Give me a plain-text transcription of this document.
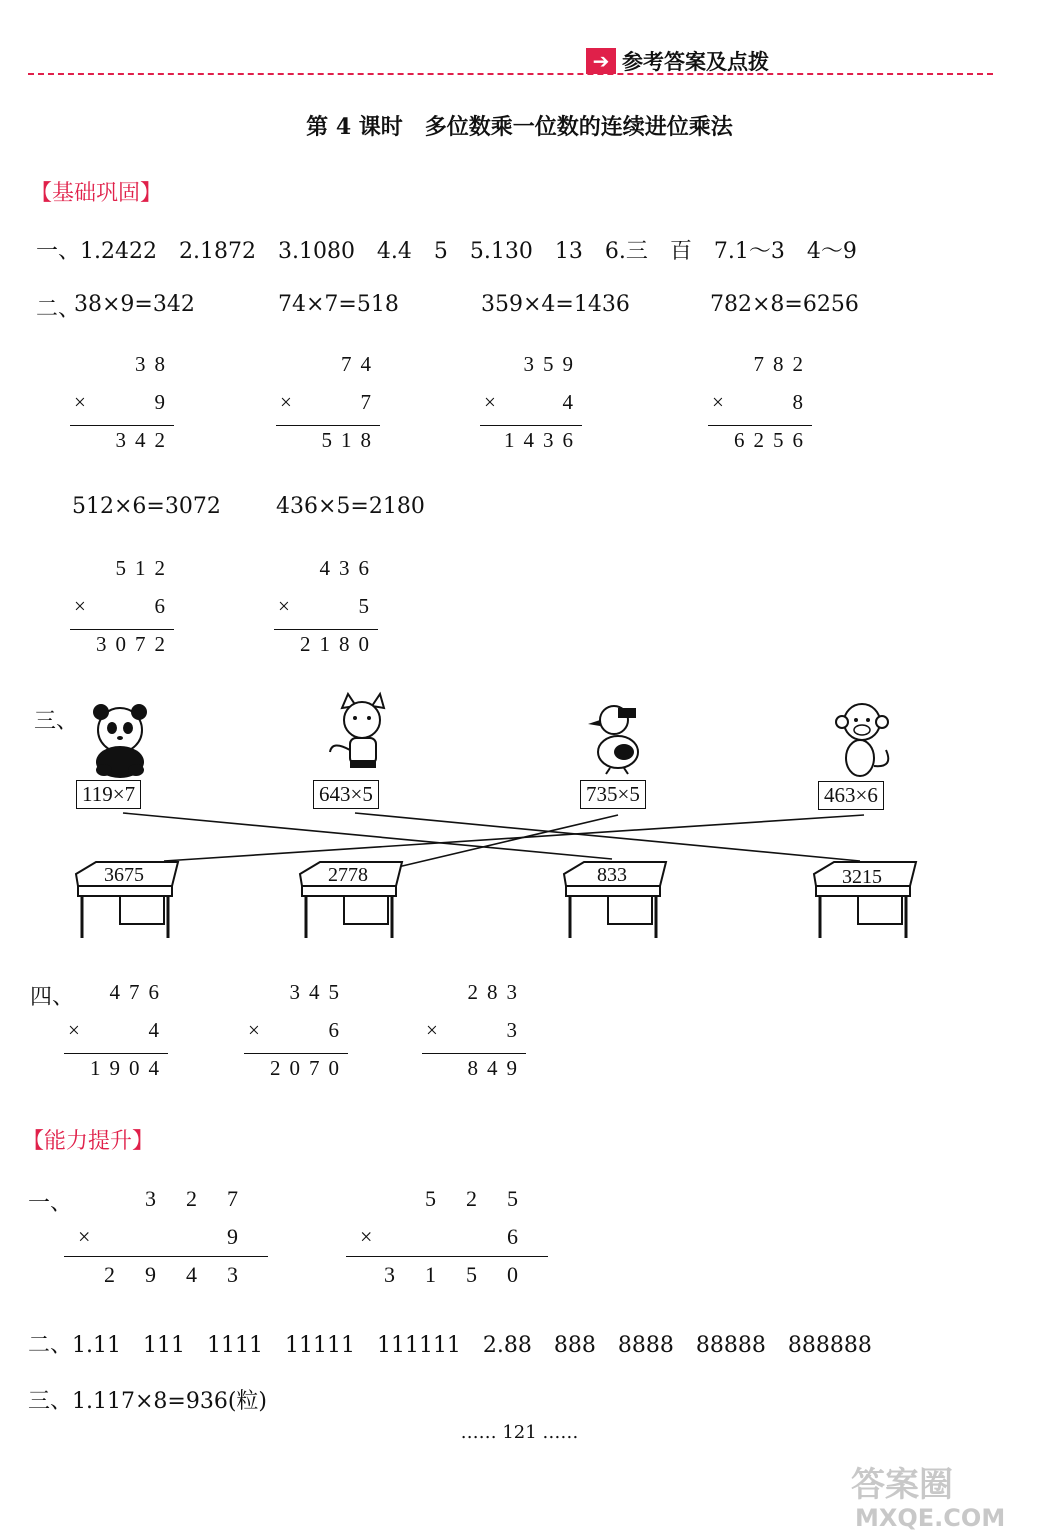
➔ 参考答案及点拨
第 4 课时　多位数乘一位数的连续进位乘法
【基础巩固】
一、1.2422　2.1872　3.1080　4.4　5　5.130　13　6.三　百　7.1～3　4～9
二、
38×9=342	74×7=518	359×4=1436	782×8=6256
38
×	9
342
74
×	7
518
359
×	4
1436
782
×	8
6256
512×6=3072	436×5=2180
512
×	6
3072
436
×	5
2180
三、
119×7	643×5	735×5	463×6
3675	2778	833	3215
四、 476
×	4
1904
345
×	6
2070
283
×	3
849
【能力提升】
一、	327
×	9
2943
525
×	6
3150
二、1.11　111　1111　11111　111111　2.88　888　8888　88888　888888
三、1.117×8=936(粒)
…… 121 ……
答案圈
MXQE.COM
